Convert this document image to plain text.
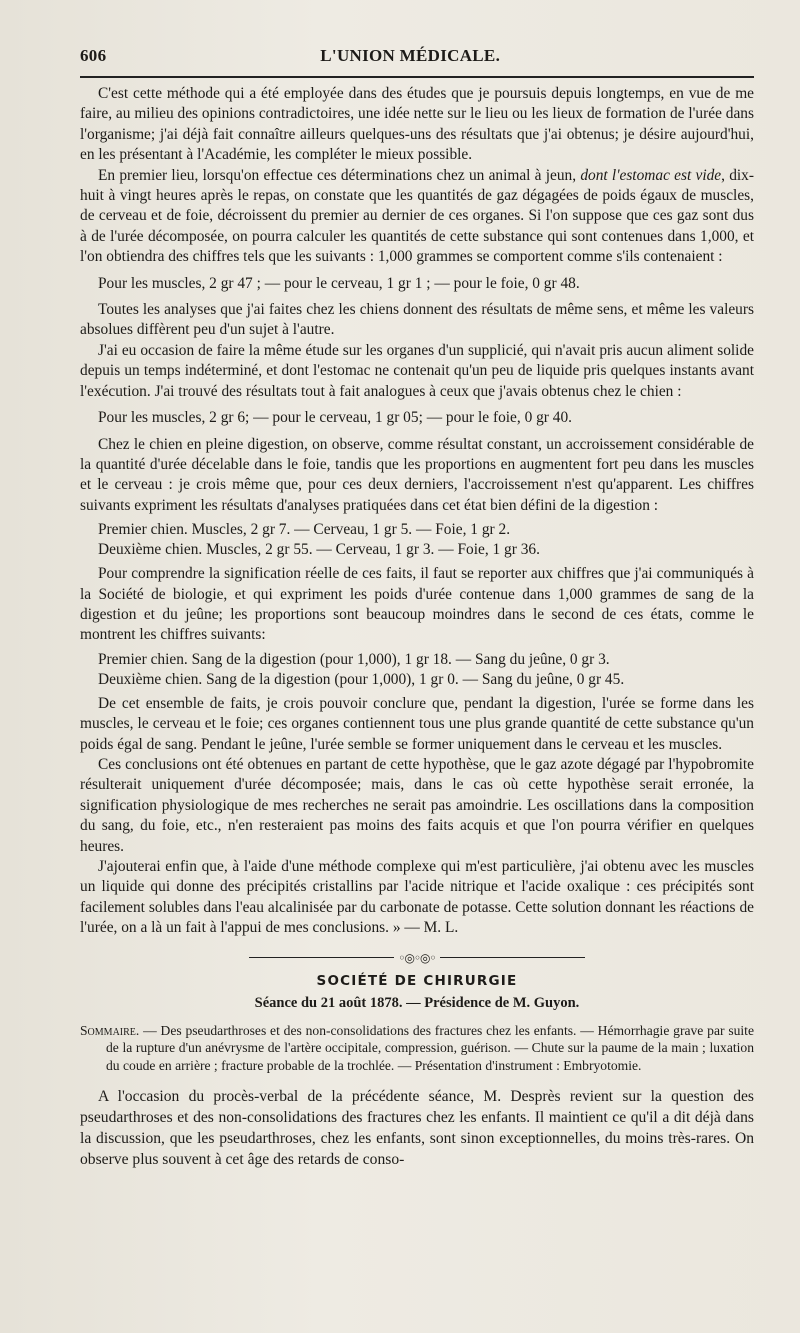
606	L'UNION MÉDICALE.

C'est cette méthode qui a été employée dans des études que je poursuis depuis longtemps, en vue de me faire, au milieu des opinions contradictoires, une idée nette sur le lieu ou les lieux de formation de l'urée dans l'organisme; j'ai déjà fait connaître ailleurs quelques-uns des résultats que j'ai obtenus; je désire aujourd'hui, en les présentant à l'Académie, les compléter le mieux possible.

En premier lieu, lorsqu'on effectue ces déterminations chez un animal à jeun, dont l'estomac est vide, dix-huit à vingt heures après le repas, on constate que les quantités de gaz dégagées de poids égaux de muscles, de cerveau et de foie, décroissent du premier au dernier de ces organes. Si l'on suppose que ces gaz sont dus à de l'urée décomposée, on pourra calculer les quantités de cette substance qui sont contenues dans 1,000, et l'on obtiendra des chiffres tels que les suivants : 1,000 grammes se comportent comme s'ils contenaient :

Pour les muscles, 2 gr 47 ; — pour le cerveau, 1 gr 1 ; — pour le foie, 0 gr 48.

Toutes les analyses que j'ai faites chez les chiens donnent des résultats de même sens, et même les valeurs absolues diffèrent peu d'un sujet à l'autre.

J'ai eu occasion de faire la même étude sur les organes d'un supplicié, qui n'avait pris aucun aliment solide depuis un temps indéterminé, et dont l'estomac ne contenait qu'un peu de liquide pris quelques instants avant l'exécution. J'ai trouvé des résultats tout à fait analogues à ceux que j'avais obtenus chez le chien :

Pour les muscles, 2 gr 6; — pour le cerveau, 1 gr 05; — pour le foie, 0 gr 40.

Chez le chien en pleine digestion, on observe, comme résultat constant, un accroissement considérable de la quantité d'urée décelable dans le foie, tandis que les proportions en augmentent fort peu dans les muscles et le cerveau : je crois même que, pour ces deux derniers, l'accroissement n'est qu'apparent. Les chiffres suivants expriment les résultats d'analyses pratiquées dans cet état bien défini de la digestion :

Premier chien. Muscles, 2 gr 7. — Cerveau, 1 gr 5. — Foie, 1 gr 2.
Deuxième chien. Muscles, 2 gr 55. — Cerveau, 1 gr 3. — Foie, 1 gr 36.

Pour comprendre la signification réelle de ces faits, il faut se reporter aux chiffres que j'ai communiqués à la Société de biologie, et qui expriment les poids d'urée contenue dans 1,000 grammes de sang de la digestion et du jeûne; les proportions sont beaucoup moindres dans le second de ces états, comme le montrent les chiffres suivants:

Premier chien. Sang de la digestion (pour 1,000), 1 gr 18. — Sang du jeûne, 0 gr 3.
Deuxième chien. Sang de la digestion (pour 1,000), 1 gr 0. — Sang du jeûne, 0 gr 45.

De cet ensemble de faits, je crois pouvoir conclure que, pendant la digestion, l'urée se forme dans les muscles, le cerveau et le foie; ces organes contiennent tous une plus grande quantité de cette substance qu'un poids égal de sang. Pendant le jeûne, l'urée semble se former uniquement dans le cerveau et les muscles.

Ces conclusions ont été obtenues en partant de cette hypothèse, que le gaz azote dégagé par l'hypobromite résulterait uniquement d'urée décomposée; mais, dans le cas où cette hypothèse serait erronée, la signification physiologique de mes recherches ne serait pas amoindrie. Les oscillations dans la composition du sang, du foie, etc., n'en resteraient pas moins des faits acquis et que l'on pourra vérifier en quelques heures.

J'ajouterai enfin que, à l'aide d'une méthode complexe qui m'est particulière, j'ai obtenu avec les muscles un liquide qui donne des précipités cristallins par l'acide nitrique et l'acide oxalique : ces précipités sont facilement solubles dans l'eau alcalinisée par du carbonate de potasse. Cette solution donnant les réactions de l'urée, on a là un fait à l'appui de mes conclusions. » — M. L.

◦◎◦◎◦
SOCIÉTÉ DE CHIRURGIE
Séance du 21 août 1878. — Présidence de M. Guyon.
Sommaire. — Des pseudarthroses et des non-consolidations des fractures chez les enfants. — Hémorrhagie grave par suite de la rupture d'un anévrysme de l'artère occipitale, compression, guérison. — Chute sur la paume de la main ; luxation du coude en arrière ; fracture probable de la trochlée. — Présentation d'instrument : Embryotomie.

A l'occasion du procès-verbal de la précédente séance, M. Desprès revient sur la question des pseudarthroses et des non-consolidations des fractures chez les enfants. Il maintient ce qu'il a dit déjà dans la discussion, que les pseudarthroses, chez les enfants, sont sinon exceptionnelles, du moins très-rares. On observe plus souvent à cet âge des retards de conso-
